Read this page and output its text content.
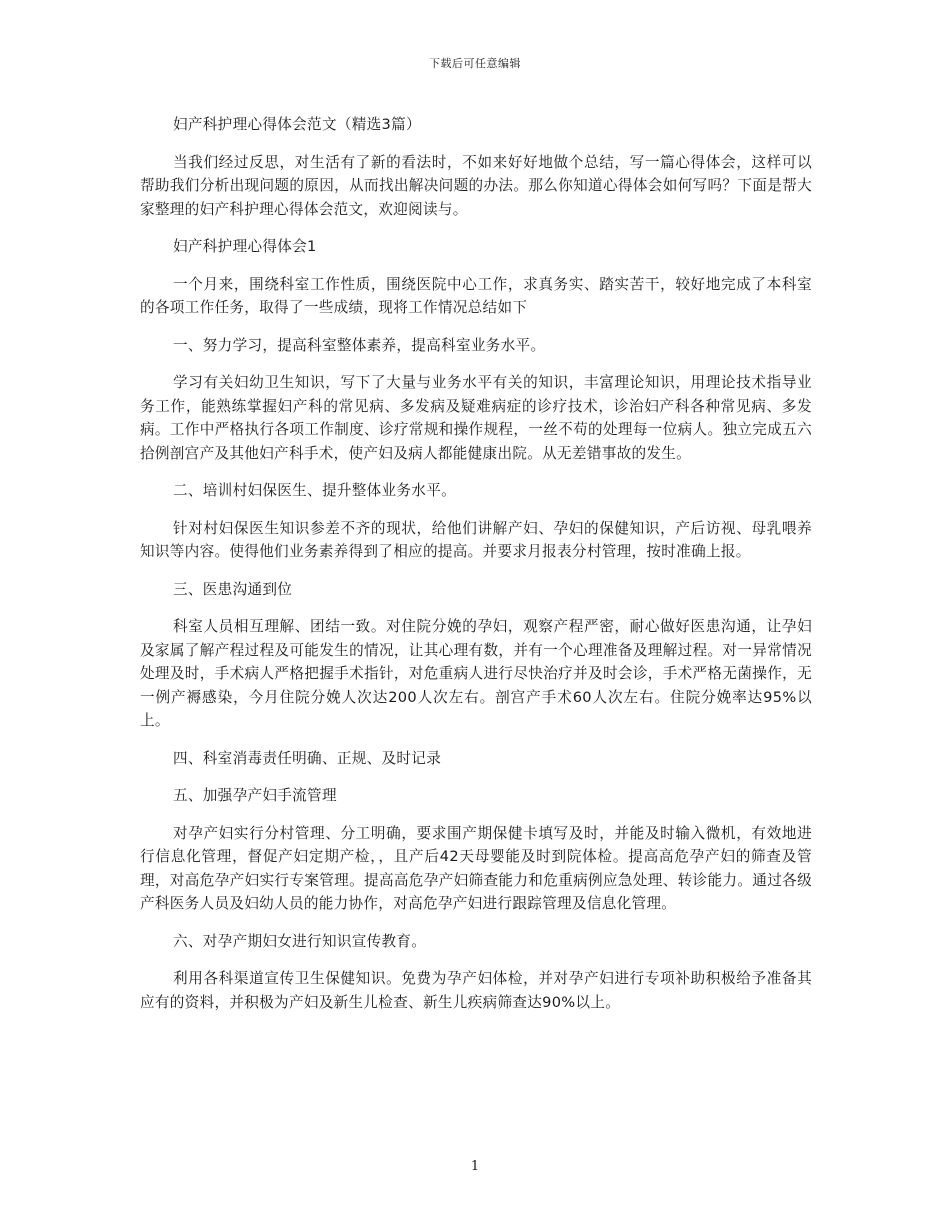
下载后可任意编辑

妇产科护理心得体会范文（精选3篇）

当我们经过反思，对生活有了新的看法时，不如来好好地做个总结，写一篇心得体会，这样可以帮助我们分析出现问题的原因，从而找出解决问题的办法。那么你知道心得体会如何写吗？下面是帮大家整理的妇产科护理心得体会范文，欢迎阅读与。

妇产科护理心得体会1

一个月来，围绕科室工作性质，围绕医院中心工作，求真务实、踏实苦干，较好地完成了本科室的各项工作任务，取得了一些成绩，现将工作情况总结如下

一、努力学习，提高科室整体素养，提高科室业务水平。

学习有关妇幼卫生知识，写下了大量与业务水平有关的知识，丰富理论知识，用理论技术指导业务工作，能熟练掌握妇产科的常见病、多发病及疑难病症的诊疗技术，诊治妇产科各种常见病、多发病。工作中严格执行各项工作制度、诊疗常规和操作规程，一丝不苟的处理每一位病人。独立完成五六拾例剖宫产及其他妇产科手术，使产妇及病人都能健康出院。从无差错事故的发生。

二、培训村妇保医生、提升整体业务水平。

针对村妇保医生知识参差不齐的现状，给他们讲解产妇、孕妇的保健知识，产后访视、母乳喂养知识等内容。使得他们业务素养得到了相应的提高。并要求月报表分村管理，按时准确上报。

三、医患沟通到位

科室人员相互理解、团结一致。对住院分娩的孕妇，观察产程严密，耐心做好医患沟通，让孕妇及家属了解产程过程及可能发生的情况，让其心理有数，并有一个心理准备及理解过程。对一异常情况处理及时，手术病人严格把握手术指针，对危重病人进行尽快治疗并及时会诊，手术严格无菌操作，无一例产褥感染，今月住院分娩人次达200人次左右。剖宫产手术60人次左右。住院分娩率达95%以上。

四、科室消毒责任明确、正规、及时记录

五、加强孕产妇手流管理

对孕产妇实行分村管理、分工明确，要求围产期保健卡填写及时，并能及时输入微机，有效地进行信息化管理，督促产妇定期产检，，且产后42天母婴能及时到院体检。提高高危孕产妇的筛查及管理，对高危孕产妇实行专案管理。提高高危孕产妇筛查能力和危重病例应急处理、转诊能力。通过各级产科医务人员及妇幼人员的能力协作，对高危孕产妇进行跟踪管理及信息化管理。

六、对孕产期妇女进行知识宣传教育。

利用各科渠道宣传卫生保健知识。免费为孕产妇体检，并对孕产妇进行专项补助积极给予准备其应有的资料，并积极为产妇及新生儿检查、新生儿疾病筛查达90%以上。

1
